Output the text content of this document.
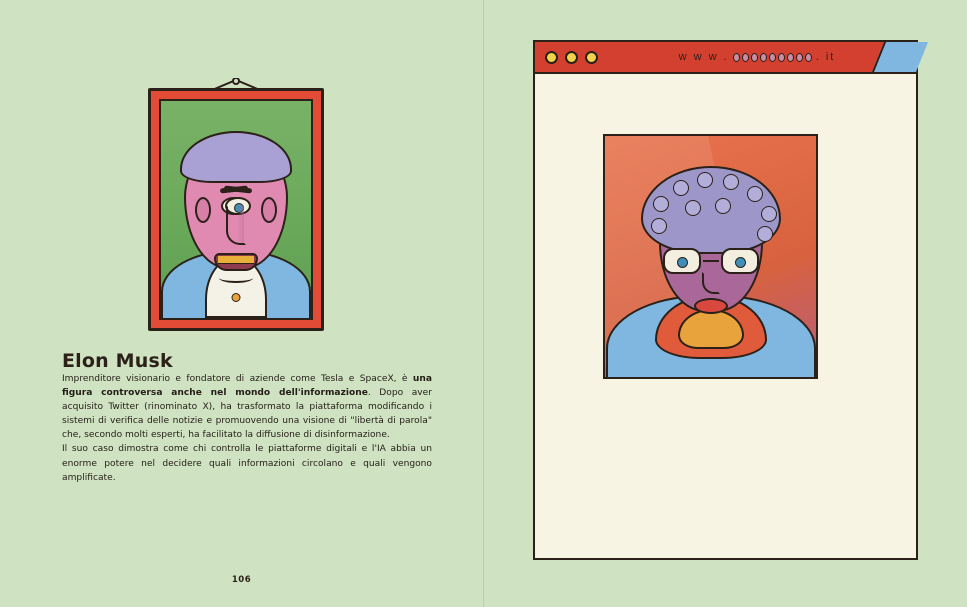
Elon Musk

Imprenditore visionario e fondatore di aziende come Tesla e SpaceX, è una figura controversa anche nel mondo dell'informazione. Dopo aver acquisito Twitter (rinominato X), ha trasformato la piattaforma modificando i sistemi di verifica delle notizie e promuovendo una visione di "libertà di parola" che, secondo molti esperti, ha facilitato la diffusione di disinformazione.

Il suo caso dimostra come chi controlla le piattaforme digitali e l'IA abbia un enorme potere nel decidere quali informazioni circolano e quali vengono amplificate.

106
w w w .	. it
